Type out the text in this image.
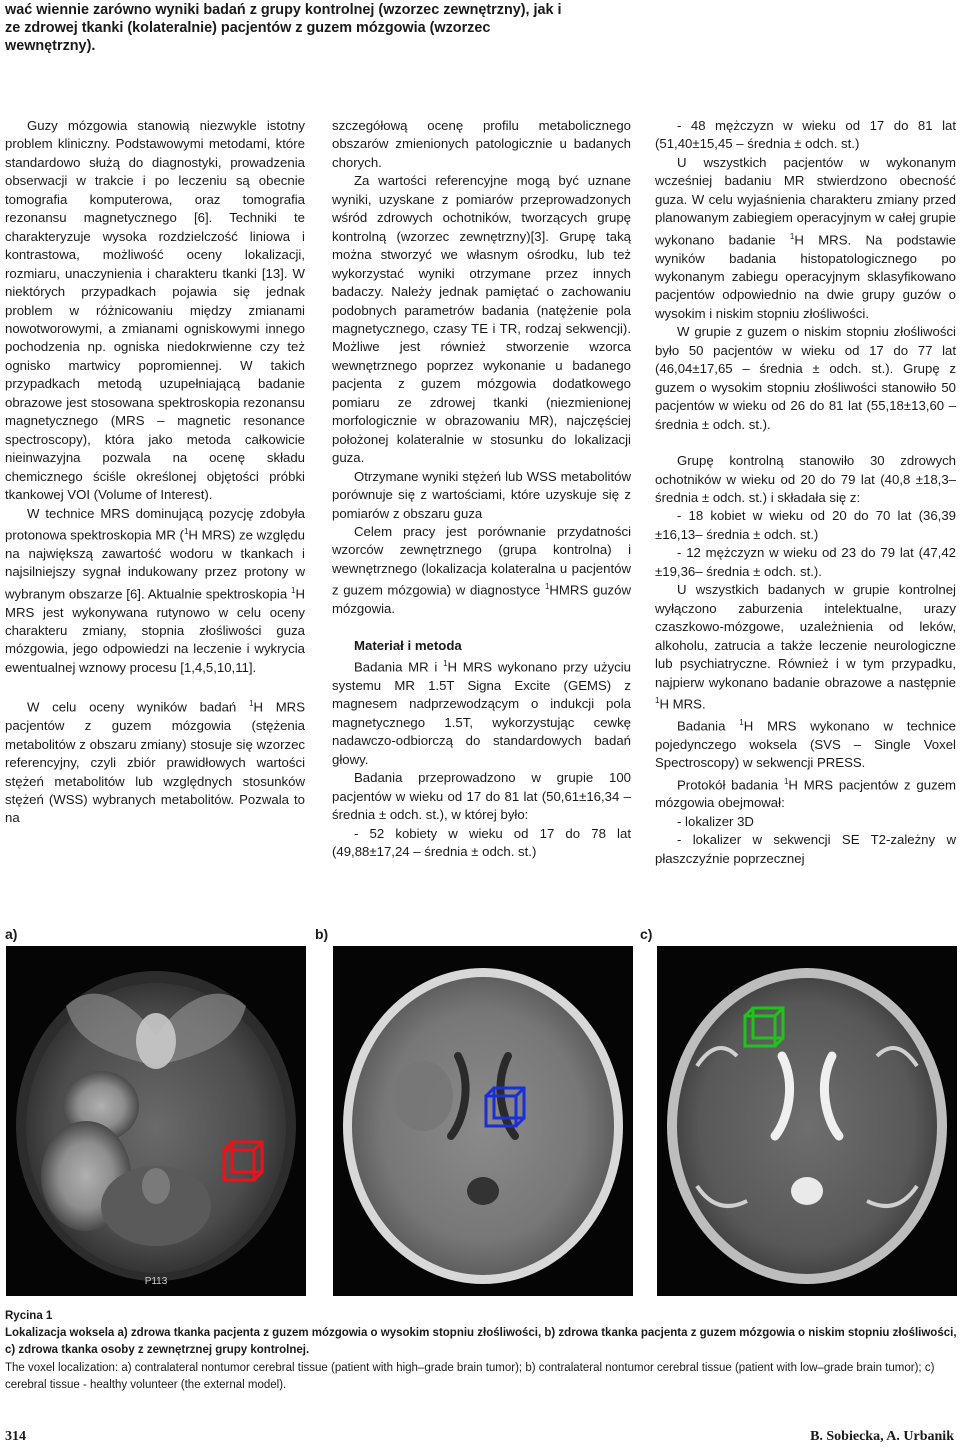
wać wiennie zarówno wyniki badań z grupy kontrolnej (wzorzec zewnętrzny), jak i ze zdrowej tkanki (kolateralnie) pacjentów z guzem mózgowia (wzorzec wewnętrzny).

Guzy mózgowia stanowią niezwykle istotny problem kliniczny. Podstawowymi metodami, które standardowo służą do diagnostyki, prowadzenia obserwacji w trakcie i po leczeniu są obecnie tomografia komputerowa, oraz tomografia rezonansu magnetycznego [6]. Techniki te charakteryzuje wysoka rozdzielczość liniowa i kontrastowa, możliwość oceny lokalizacji, rozmiaru, unaczynienia i charakteru tkanki [13]. W niektórych przypadkach pojawia się jednak problem w różnicowaniu między zmianami nowotworowymi, a zmianami ogniskowymi innego pochodzenia np. ogniska niedokrwienne czy też ognisko martwicy popromiennej. W takich przypadkach metodą uzupełniającą badanie obrazowe jest stosowana spektroskopia rezonansu magnetycznego (MRS – magnetic resonance spectroscopy), która jako metoda całkowicie nieinwazyjna pozwala na ocenę składu chemicznego ściśle określonej objętości próbki tkankowej VOI (Volume of Interest).

W technice MRS dominującą pozycję zdobyła protonowa spektroskopia MR ($^1$H MRS) ze względu na największą zawartość wodoru w tkankach i najsilniejszy sygnał indukowany przez protony w wybranym obszarze [6]. Aktualnie spektroskopia $^1$H MRS jest wykonywana rutynowo w celu oceny charakteru zmiany, stopnia złośliwości guza mózgowia, jego odpowiedzi na leczenie i wykrycia ewentualnej wznowy procesu [1,4,5,10,11].

W celu oceny wyników badań $^1$H MRS pacjentów z guzem mózgowia (stężenia metabolitów z obszaru zmiany) stosuje się wzorzec referencyjny, czyli zbiór prawidłowych wartości stężeń metabolitów lub względnych stosunków stężeń (WSS) wybranych metabolitów. Pozwala to na

szczegółową ocenę profilu metabolicznego obszarów zmienionych patologicznie u badanych chorych.

Za wartości referencyjne mogą być uznane wyniki, uzyskane z pomiarów przeprowadzonych wśród zdrowych ochotników, tworzących grupę kontrolną (wzorzec zewnętrzny)[3]. Grupę taką można stworzyć we własnym ośrodku, lub też wykorzystać wyniki otrzymane przez innych badaczy. Należy jednak pamiętać o zachowaniu podobnych parametrów badania (natężenie pola magnetycznego, czasy TE i TR, rodzaj sekwencji). Możliwe jest również stworzenie wzorca wewnętrznego poprzez wykonanie u badanego pacjenta z guzem mózgowia dodatkowego pomiaru ze zdrowej tkanki (niezmienionej morfologicznie w obrazowaniu MR), najczęściej położonej kolateralnie w stosunku do lokalizacji guza.

Otrzymane wyniki stężeń lub WSS metabolitów porównuje się z wartościami, które uzyskuje się z pomiarów z obszaru guza

Celem pracy jest porównanie przydatności wzorców zewnętrznego (grupa kontrolna) i wewnętrznego (lokalizacja kolateralna u pacjentów z guzem mózgowia) w diagnostyce $^1$HMRS guzów mózgowia.

Materiał i metoda

Badania MR i $^1$H MRS wykonano przy użyciu systemu MR 1.5T Signa Excite (GEMS) z magnesem nadprzewodzącym o indukcji pola magnetycznego 1.5T, wykorzystując cewkę nadawczo-odbiorczą do standardowych badań głowy.

Badania przeprowadzono w grupie 100 pacjentów w wieku od 17 do 81 lat (50,61±16,34 – średnia ± odch. st.), w której było:

- 52 kobiety w wieku od 17 do 78 lat (49,88±17,24 – średnia ± odch. st.)

- 48 mężczyzn w wieku od 17 do 81 lat (51,40±15,45 – średnia ± odch. st.)

U wszystkich pacjentów w wykonanym wcześniej badaniu MR stwierdzono obecność guza. W celu wyjaśnienia charakteru zmiany przed planowanym zabiegiem operacyjnym w całej grupie wykonano badanie $^1$H MRS. Na podstawie wyników badania histopatologicznego po wykonanym zabiegu operacyjnym sklasyfikowano pacjentów odpowiednio na dwie grupy guzów o wysokim i niskim stopniu złośliwości.

W grupie z guzem o niskim stopniu złośliwości było 50 pacjentów w wieku od 17 do 77 lat (46,04±17,65 – średnia ± odch. st.). Grupę z guzem o wysokim stopniu złośliwości stanowiło 50 pacjentów w wieku od 26 do 81 lat (55,18±13,60 – średnia ± odch. st.).

Grupę kontrolną stanowiło 30 zdrowych ochotników w wieku od 20 do 79 lat (40,8 ±18,3– średnia ± odch. st.) i składała się z:

- 18 kobiet w wieku od 20 do 70 lat (36,39 ±16,13– średnia ± odch. st.)

- 12 mężczyzn w wieku od 23 do 79 lat (47,42 ±19,36– średnia ± odch. st.).

U wszystkich badanych w grupie kontrolnej wyłączono zaburzenia intelektualne, urazy czaszkowo-mózgowe, uzależnienia od leków, alkoholu, zatrucia a także leczenie neurologiczne lub psychiatryczne. Również i w tym przypadku, najpierw wykonano badanie obrazowe a następnie $^1$H MRS.

Badania $^1$H MRS wykonano w technice pojedynczego woksela (SVS – Single Voxel Spectroscopy) w sekwencji PRESS.

Protokół badania $^1$H MRS pacjentów z guzem mózgowia obejmował:

- lokalizer 3D

- lokalizer w sekwencji SE T2-zależny w płaszczyźnie poprzecznej

a)	b)	c)
P113

Rycina 1

Lokalizacja woksela a) zdrowa tkanka pacjenta z guzem mózgowia o wysokim stopniu złośliwości, b) zdrowa tkanka pacjenta z guzem mózgowia o niskim stopniu złośliwości, c) zdrowa tkanka osoby z zewnętrznej grupy kontrolnej.

The voxel localization: a) contralateral nontumor cerebral tissue (patient with high–grade brain tumor); b) contralateral nontumor cerebral tissue (patient with low–grade brain tumor); c) cerebral tissue - healthy volunteer (the external model).

314	B. Sobiecka, A. Urbanik
